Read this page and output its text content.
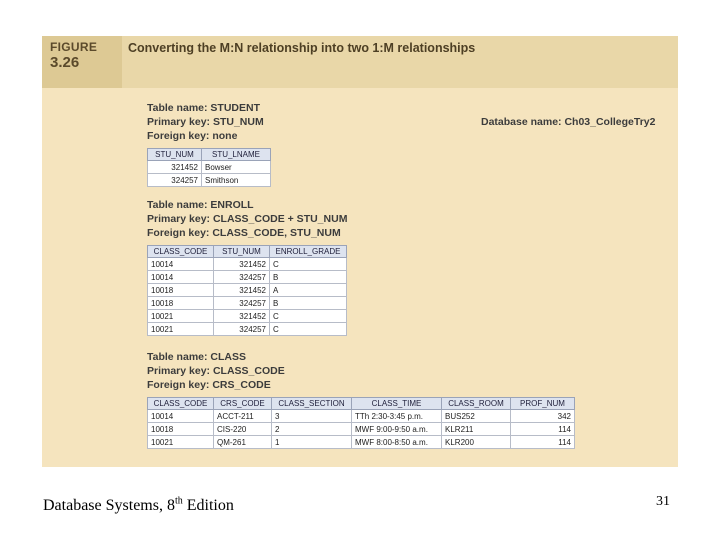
FIGURE
3.26
Converting the M:N relationship into two 1:M relationships
Table name: STUDENT
Primary key: STU_NUM
Foreign key: none
Database name: Ch03_CollegeTry2
STU_NUM	STU_LNAME
321452	Bowser
324257	Smithson
Table name: ENROLL
Primary key: CLASS_CODE + STU_NUM
Foreign key: CLASS_CODE, STU_NUM
CLASS_CODE	STU_NUM	ENROLL_GRADE
10014	321452	C
10014	324257	B
10018	321452	A
10018	324257	B
10021	321452	C
10021	324257	C
Table name: CLASS
Primary key: CLASS_CODE
Foreign key: CRS_CODE
CLASS_CODE	CRS_CODE	CLASS_SECTION	CLASS_TIME	CLASS_ROOM	PROF_NUM
10014	ACCT-211	3	TTh 2:30-3:45 p.m.	BUS252	342
10018	CIS-220	2	MWF 9:00-9:50 a.m.	KLR211	114
10021	QM-261	1	MWF 8:00-8:50 a.m.	KLR200	114
Database Systems, 8th Edition	31
